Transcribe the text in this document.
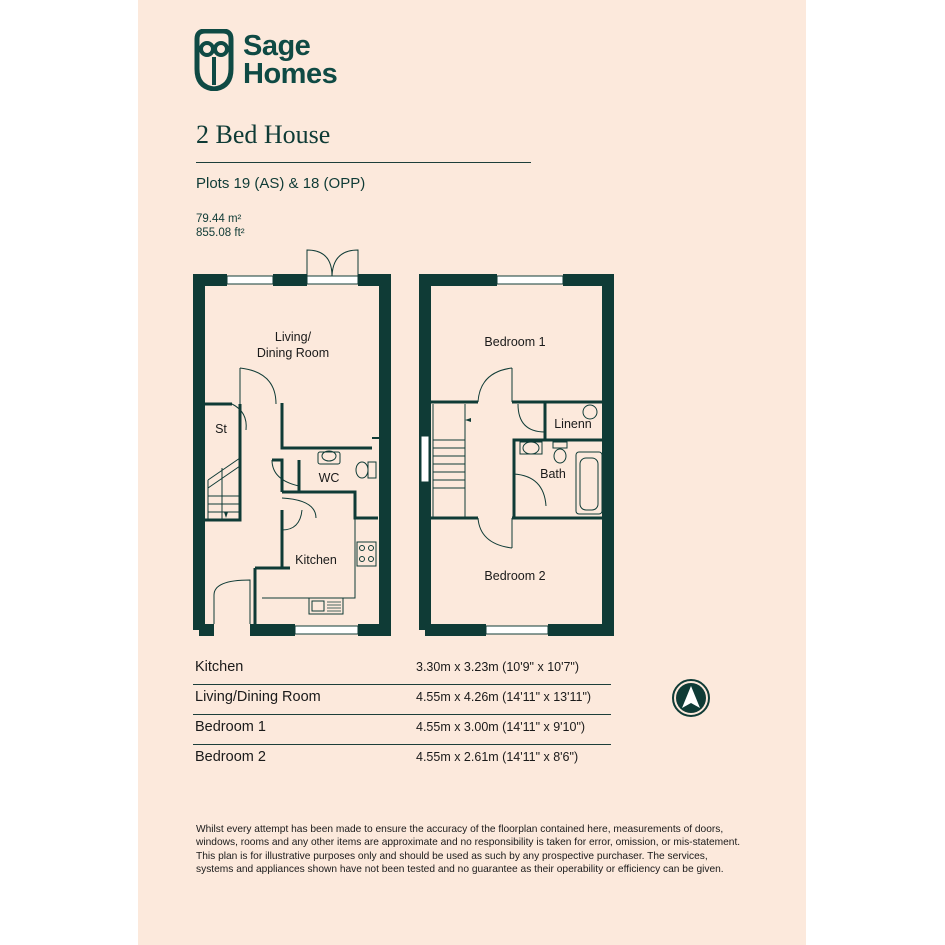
Sage
Homes
2 Bed House
Plots 19 (AS) & 18 (OPP)
79.44 m²
855.08 ft²
Living/
Dining Room
St
WC
Kitchen
Bedroom 1
Linenn
Bath
Bedroom 2
Kitchen	3.30m x 3.23m (10'9" x 10'7")
Living/Dining Room	4.55m x 4.26m (14'11" x 13'11")
Bedroom 1	4.55m x 3.00m (14'11" x 9'10")
Bedroom 2	4.55m x 2.61m (14'11" x 8'6")
Whilst every attempt has been made to ensure the accuracy of the floorplan contained here, measurements of doors, windows, rooms and any other items are approximate and no responsibility is taken for error, omission, or mis-statement. This plan is for illustrative purposes only and should be used as such by any prospective purchaser. The services, systems and appliances shown have not been tested and no guarantee as their operability or efficiency can be given.
